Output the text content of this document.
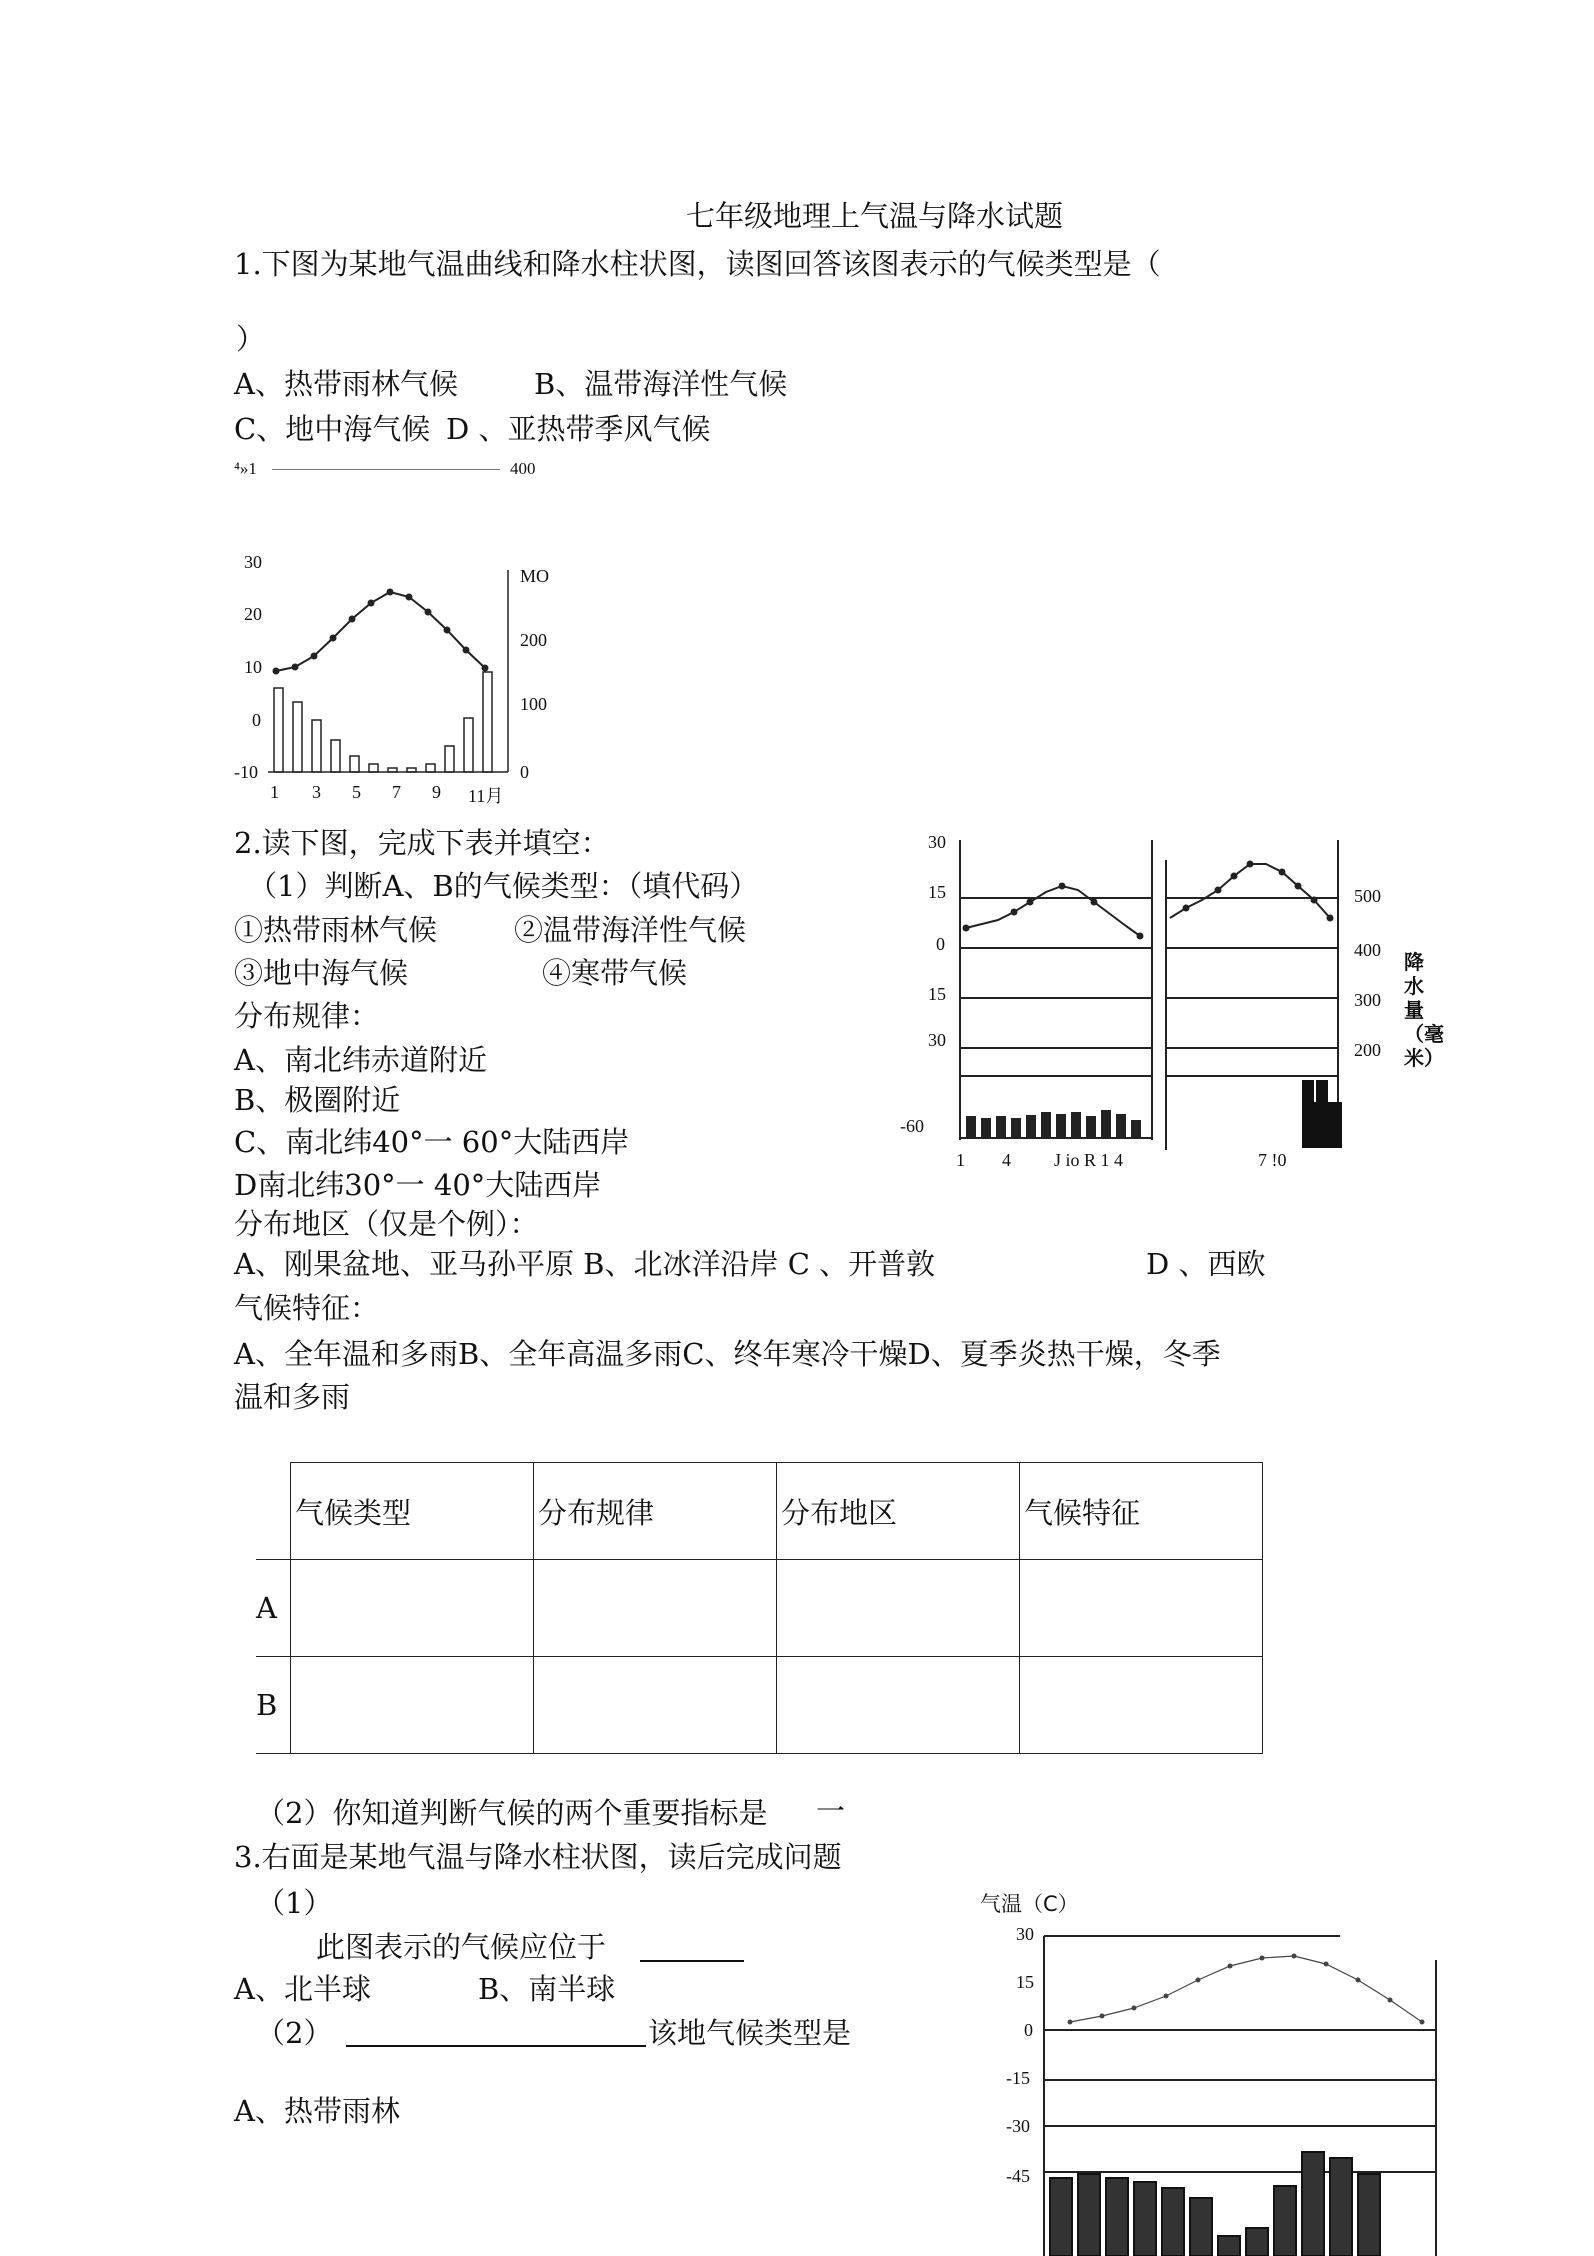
七年级地理上气温与降水试题
1.下图为某地气温曲线和降水柱状图，读图回答该图表示的气候类型是（
）
A、热带雨林气候	B、温带海洋性气候
C、地中海气候 D 、亚热带季风气候
⁴»1	400
30
20
10
0
-10
MO
200
100
0
1 3 5 7 9 11月
2.读下图，完成下表并填空：
（1）判断A、B的气候类型：（填代码）
①热带雨林气候	②温带海洋性气候
③地中海气候	④寒带气候
分布规律：
A、南北纬赤道附近
B、极圈附近
C、南北纬40°一 60°大陆西岸
D南北纬30°一 40°大陆西岸
分布地区（仅是个例）：
A、刚果盆地、亚马孙平原 B、北冰洋沿岸 C 、开普敦	D 、西欧
气候特征：
A、全年温和多雨B、全年高温多雨C、终年寒冷干燥D、夏季炎热干燥，冬季
温和多雨
30
15
0
15
30
-60
500
400
300
200
降水量（毫米）
1 4 J io R 1 4	7 !0
	气候类型	分布规律	分布地区	气候特征
A				
B				
（2）你知道判断气候的两个重要指标是 一
3.右面是某地气温与降水柱状图，读后完成问题
（1）
此图表示的气候应位于
A、北半球	B、南半球
（2）	该地气候类型是
A、热带雨林
气温（C）
30
15
0
-15
-30
-45
